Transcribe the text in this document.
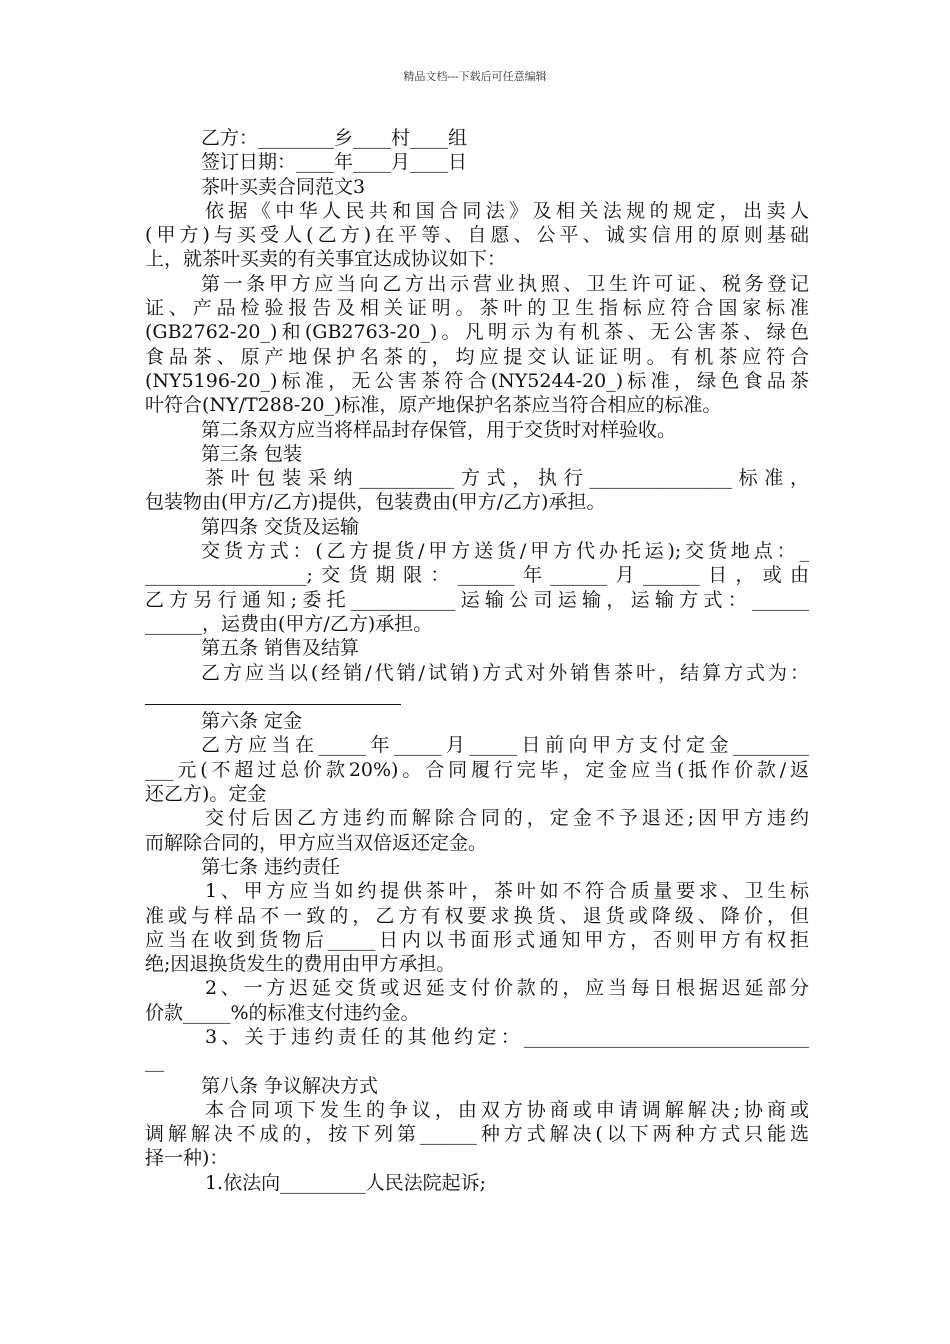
精品文档---下载后可任意编辑
乙方：________乡____村____组
签订日期：____年____月____日
茶叶买卖合同范文3
依据《中华人民共和国合同法》及相关法规的规定，出卖人
(甲方)与买受人(乙方)在平等、自愿、公平、诚实信用的原则基础
上，就茶叶买卖的有关事宜达成协议如下：
第一条甲方应当向乙方出示营业执照、卫生许可证、税务登记
证、产品检验报告及相关证明。茶叶的卫生指标应符合国家标准
(GB2762-20_)和(GB2763-20_)。凡明示为有机茶、无公害茶、绿色
食品茶、原产地保护名茶的，均应提交认证证明。有机茶应符合
(NY5196-20_)标准，无公害茶符合(NY5244-20_)标准，绿色食品茶
叶符合(NY/T288-20_)标准，原产地保护名茶应当符合相应的标准。
第二条双方应当将样品封存保管，用于交货时对样验收。
第三条 包装
茶叶包装采纳__________方式，执行_______________标准，
包装物由(甲方/乙方)提供，包装费由(甲方/乙方)承担。
第四条 交货及运输
交货方式：(乙方提货/甲方送货/甲方代办托运);交货地点：_
_________________;交货期限：______年______月______日，或由
乙方另行通知;委托___________运输公司运输，运输方式：______
______，运费由(甲方/乙方)承担。
第五条 销售及结算
乙方应当以(经销/代销/试销)方式对外销售茶叶，结算方式为：
第六条 定金
乙方应当在_____年_____月_____日前向甲方支付定金________
___元(不超过总价款20%)。合同履行完毕，定金应当(抵作价款/返
还乙方)。定金
交付后因乙方违约而解除合同的，定金不予退还;因甲方违约
而解除合同的，甲方应当双倍返还定金。
第七条 违约责任
1、甲方应当如约提供茶叶，茶叶如不符合质量要求、卫生标
准或与样品不一致的，乙方有权要求换货、退货或降级、降价，但
应当在收到货物后_____日内以书面形式通知甲方，否则甲方有权拒
绝;因退换货发生的费用由甲方承担。
2、一方迟延交货或迟延支付价款的，应当每日根据迟延部分
价款_____%的标准支付违约金。
3、关于违约责任的其他约定：______________________________
__
第八条 争议解决方式
本合同项下发生的争议，由双方协商或申请调解解决;协商或
调解解决不成的，按下列第______种方式解决(以下两种方式只能选
择一种)：
1.依法向_________人民法院起诉;
